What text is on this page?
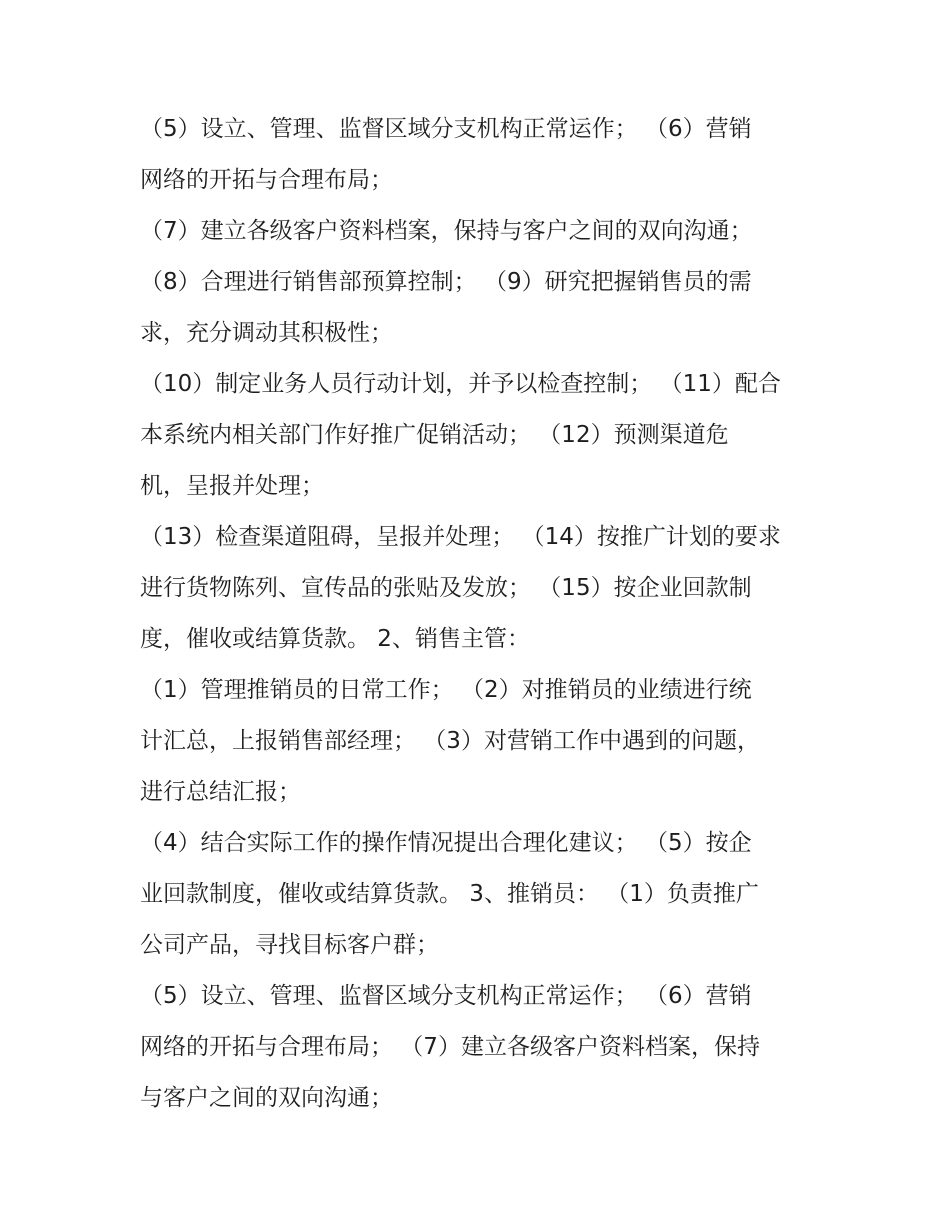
（5）设立、管理、监督区域分支机构正常运作； （6）营销
网络的开拓与合理布局；
（7）建立各级客户资料档案，保持与客户之间的双向沟通；
（8）合理进行销售部预算控制； （9）研究把握销售员的需
求，充分调动其积极性；
（10）制定业务人员行动计划，并予以检查控制； （11）配合
本系统内相关部门作好推广促销活动； （12）预测渠道危
机，呈报并处理；
（13）检查渠道阻碍，呈报并处理； （14）按推广计划的要求
进行货物陈列、宣传品的张贴及发放； （15）按企业回款制
度，催收或结算货款。 2、销售主管：
（1）管理推销员的日常工作； （2）对推销员的业绩进行统
计汇总，上报销售部经理； （3）对营销工作中遇到的问题，
进行总结汇报；
（4）结合实际工作的操作情况提出合理化建议； （5）按企
业回款制度，催收或结算货款。 3、推销员： （1）负责推广
公司产品，寻找目标客户群；
（5）设立、管理、监督区域分支机构正常运作； （6）营销
网络的开拓与合理布局； （7）建立各级客户资料档案，保持
与客户之间的双向沟通；
